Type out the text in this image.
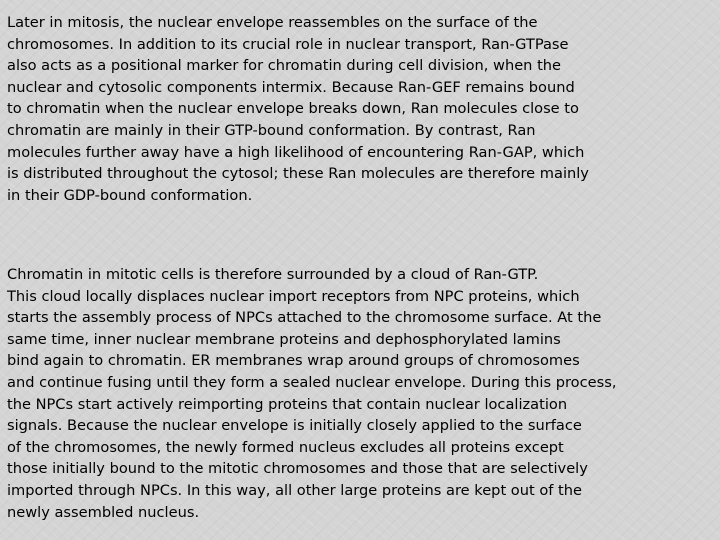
Later in mitosis, the nuclear envelope reassembles on the surface of the
chromosomes. In addition to its crucial role in nuclear transport, Ran-GTPase
also acts as a positional marker for chromatin during cell division, when the
nuclear and cytosolic components intermix. Because Ran-GEF remains bound
to chromatin when the nuclear envelope breaks down, Ran molecules close to
chromatin are mainly in their GTP-bound conformation. By contrast, Ran
molecules further away have a high likelihood of encountering Ran-GAP, which
is distributed throughout the cytosol; these Ran molecules are therefore mainly
in their GDP-bound conformation.
Chromatin in mitotic cells is therefore surrounded by a cloud of Ran-GTP.
This cloud locally displaces nuclear import receptors from NPC proteins, which
starts the assembly process of NPCs attached to the chromosome surface. At the
same time, inner nuclear membrane proteins and dephosphorylated lamins
bind again to chromatin. ER membranes wrap around groups of chromosomes
and continue fusing until they form a sealed nuclear envelope. During this process,
the NPCs start actively reimporting proteins that contain nuclear localization
signals. Because the nuclear envelope is initially closely applied to the surface
of the chromosomes, the newly formed nucleus excludes all proteins except
those initially bound to the mitotic chromosomes and those that are selectively
imported through NPCs. In this way, all other large proteins are kept out of the
newly assembled nucleus.
